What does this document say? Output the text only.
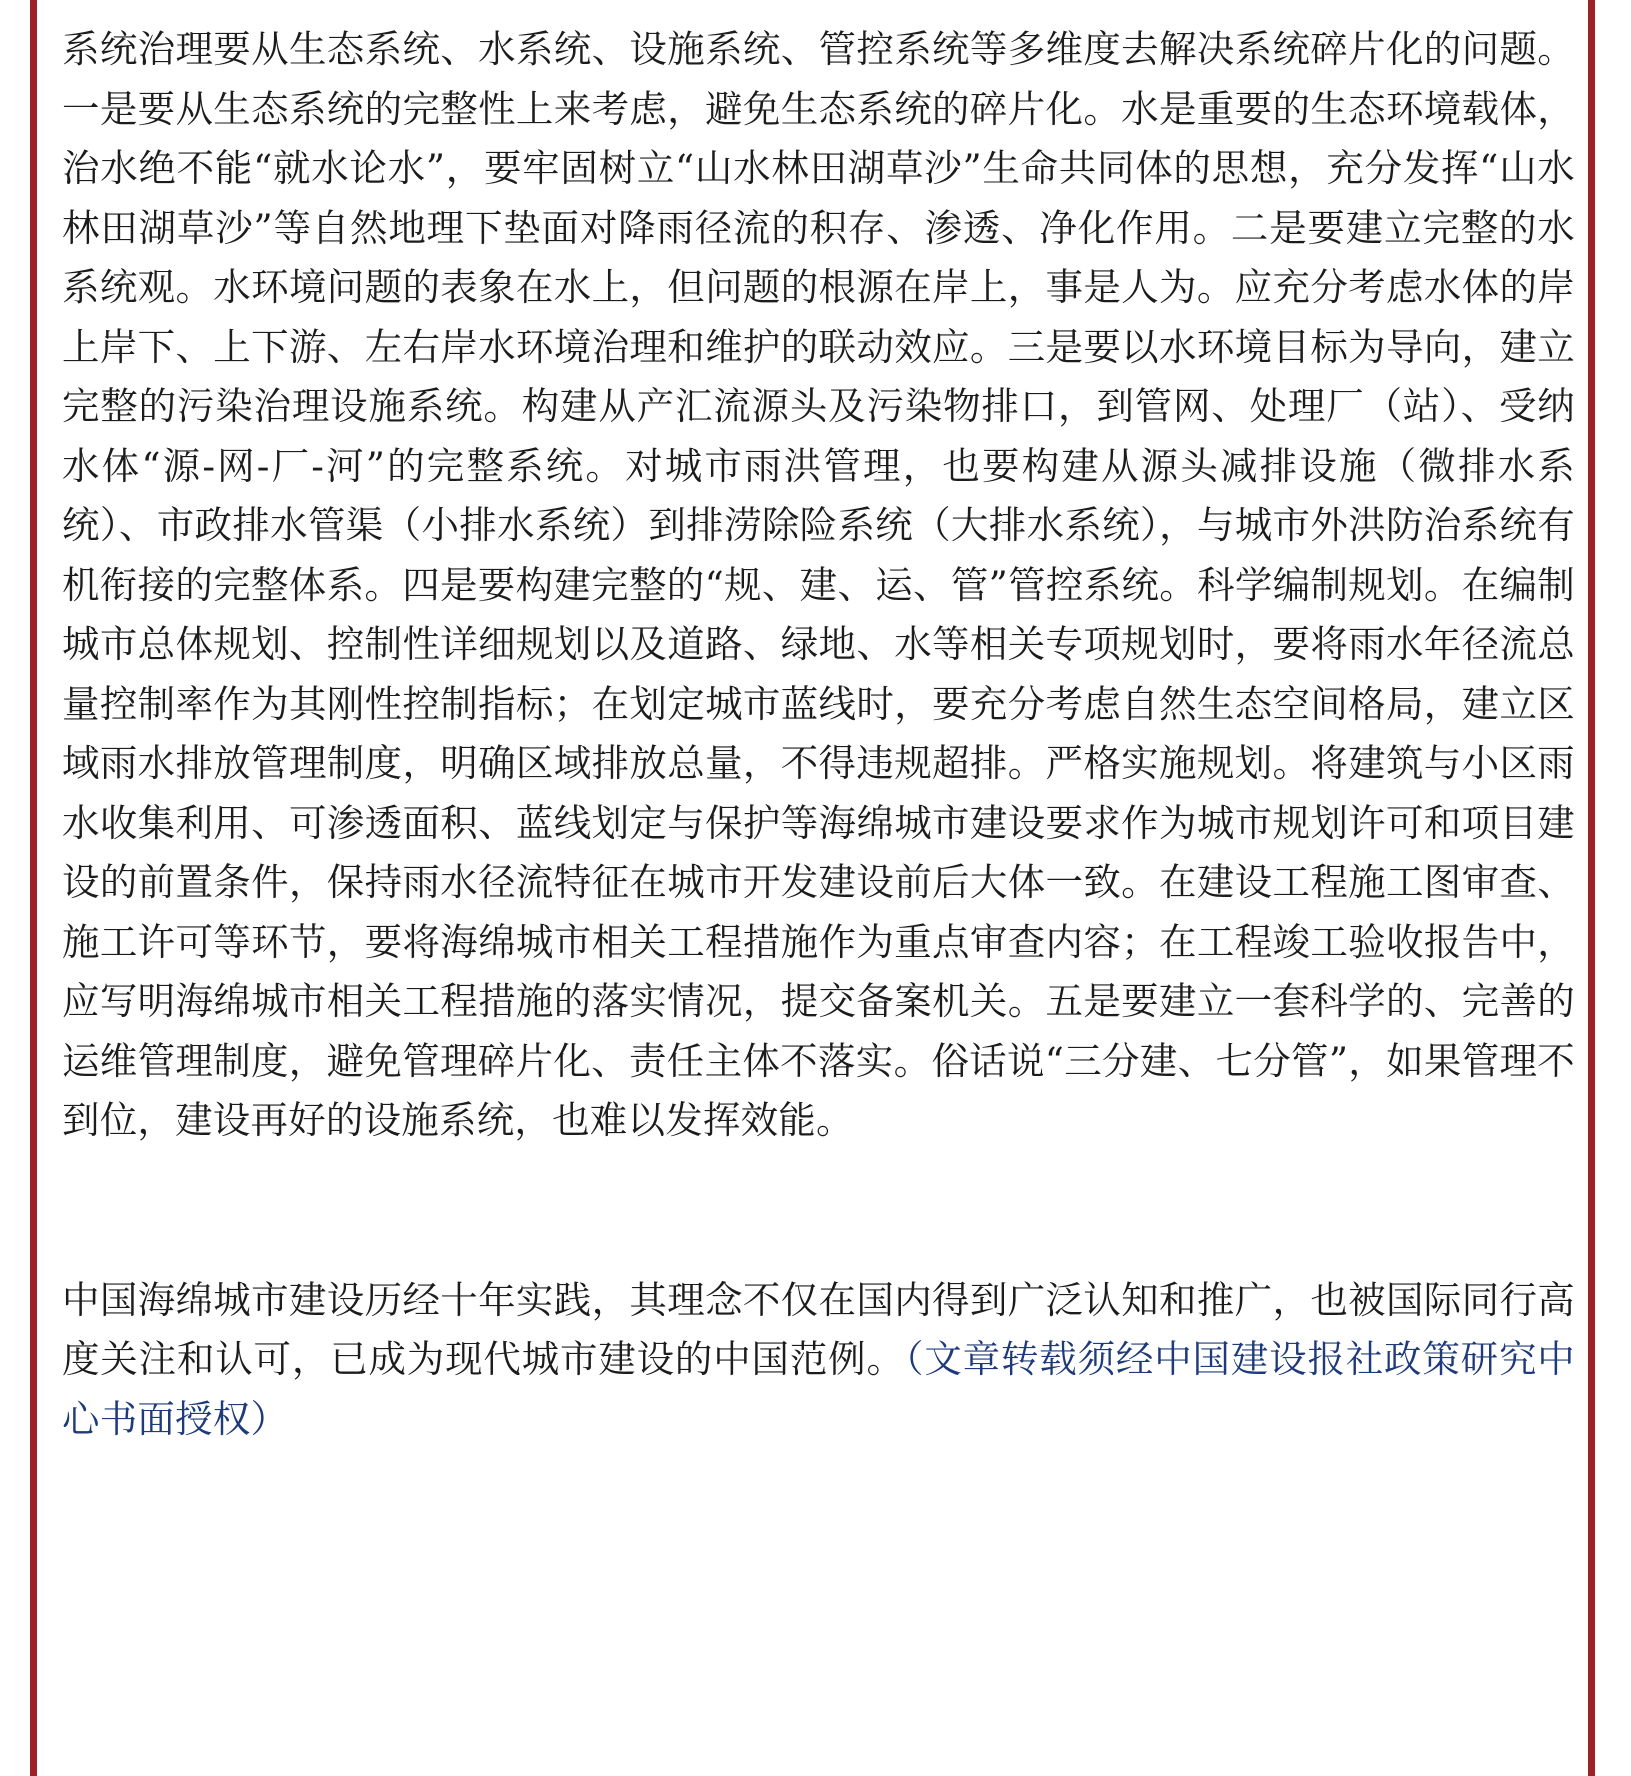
系统治理要从生态系统、水系统、设施系统、管控系统等多维度去解决系统碎片化的问题。一是要从生态系统的完整性上来考虑，避免生态系统的碎片化。水是重要的生态环境载体，治水绝不能“就水论水”，要牢固树立“山水林田湖草沙”生命共同体的思想，充分发挥“山水林田湖草沙”等自然地理下垫面对降雨径流的积存、渗透、净化作用。二是要建立完整的水系统观。水环境问题的表象在水上，但问题的根源在岸上，事是人为。应充分考虑水体的岸上岸下、上下游、左右岸水环境治理和维护的联动效应。三是要以水环境目标为导向，建立完整的污染治理设施系统。构建从产汇流源头及污染物排口，到管网、处理厂（站）、受纳水体“源-网-厂-河”的完整系统。对城市雨洪管理，也要构建从源头减排设施（微排水系统）、市政排水管渠（小排水系统）到排涝除险系统（大排水系统），与城市外洪防治系统有机衔接的完整体系。四是要构建完整的“规、建、运、管”管控系统。科学编制规划。在编制城市总体规划、控制性详细规划以及道路、绿地、水等相关专项规划时，要将雨水年径流总量控制率作为其刚性控制指标；在划定城市蓝线时，要充分考虑自然生态空间格局，建立区域雨水排放管理制度，明确区域排放总量，不得违规超排。严格实施规划。将建筑与小区雨水收集利用、可渗透面积、蓝线划定与保护等海绵城市建设要求作为城市规划许可和项目建设的前置条件，保持雨水径流特征在城市开发建设前后大体一致。在建设工程施工图审查、施工许可等环节，要将海绵城市相关工程措施作为重点审查内容；在工程竣工验收报告中，应写明海绵城市相关工程措施的落实情况，提交备案机关。五是要建立一套科学的、完善的运维管理制度，避免管理碎片化、责任主体不落实。俗话说“三分建、七分管”，如果管理不到位，建设再好的设施系统，也难以发挥效能。

中国海绵城市建设历经十年实践，其理念不仅在国内得到广泛认知和推广，也被国际同行高度关注和认可，已成为现代城市建设的中国范例。（文章转载须经中国建设报社政策研究中心书面授权）
